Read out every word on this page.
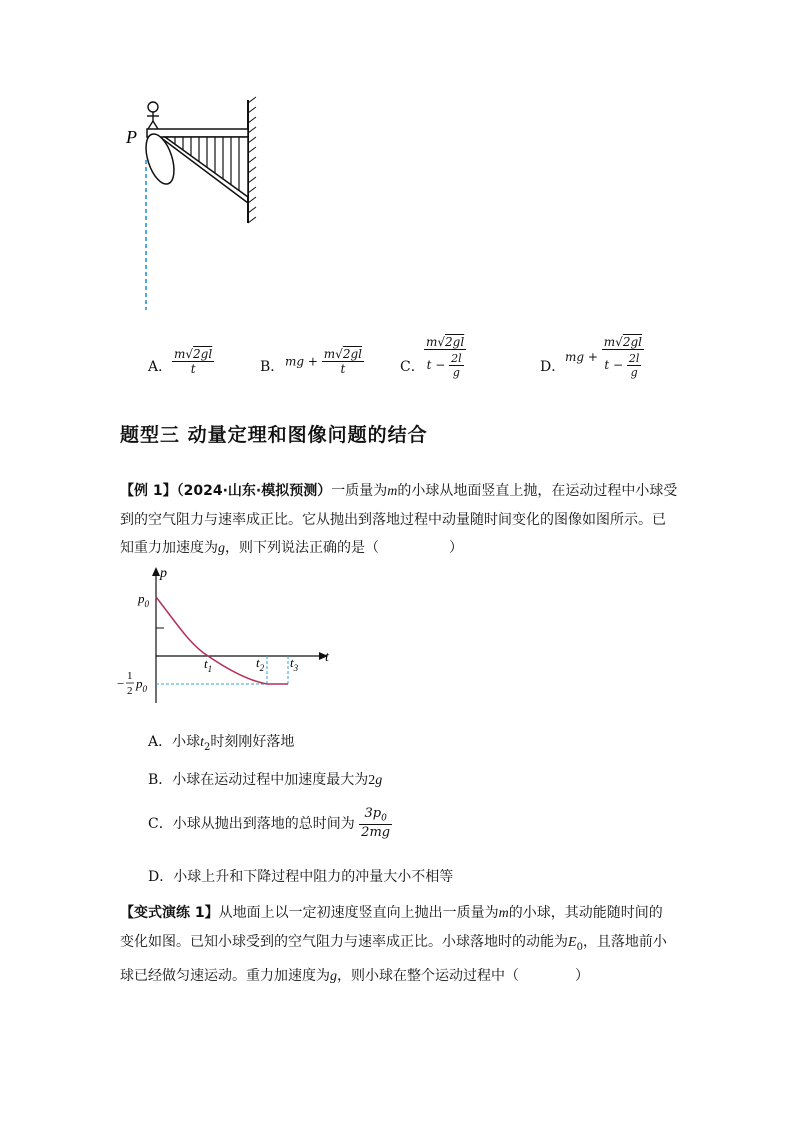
P
A． $\frac{m√2gl}{t}$	B． mg + $\frac{m√2gl}{t}$	C． $\frac{m√2gl}{t - \frac{2l}{g}}$	D．
mg + $\frac{m√2gl}{t - \frac{2l}{g}}$
题型三 动量定理和图像问题的结合
【例 1】（2024·山东·模拟预测）一质量为m的小球从地面竖直上抛，在运动过程中小球受
到的空气阻力与速率成正比。它从抛出到落地过程中动量随时间变化的图像如图所示。已
知重力加速度为g，则下列说法正确的是（　　　　　）
p
t
$p_0$
− 1
2 $p_0$
$t_1$	$t_2$ $t_3$
A．小球$t_2$时刻刚好落地
B．小球在运动过程中加速度最大为2g
C．小球从抛出到落地的总时间为 $\frac{3p_0}{2mg}$
D．小球上升和下降过程中阻力的冲量大小不相等
【变式演练 1】从地面上以一定初速度竖直向上抛出一质量为m的小球，其动能随时间的
变化如图。已知小球受到的空气阻力与速率成正比。小球落地时的动能为$E_0$，且落地前小
球已经做匀速运动。重力加速度为g，则小球在整个运动过程中（　　　　）
